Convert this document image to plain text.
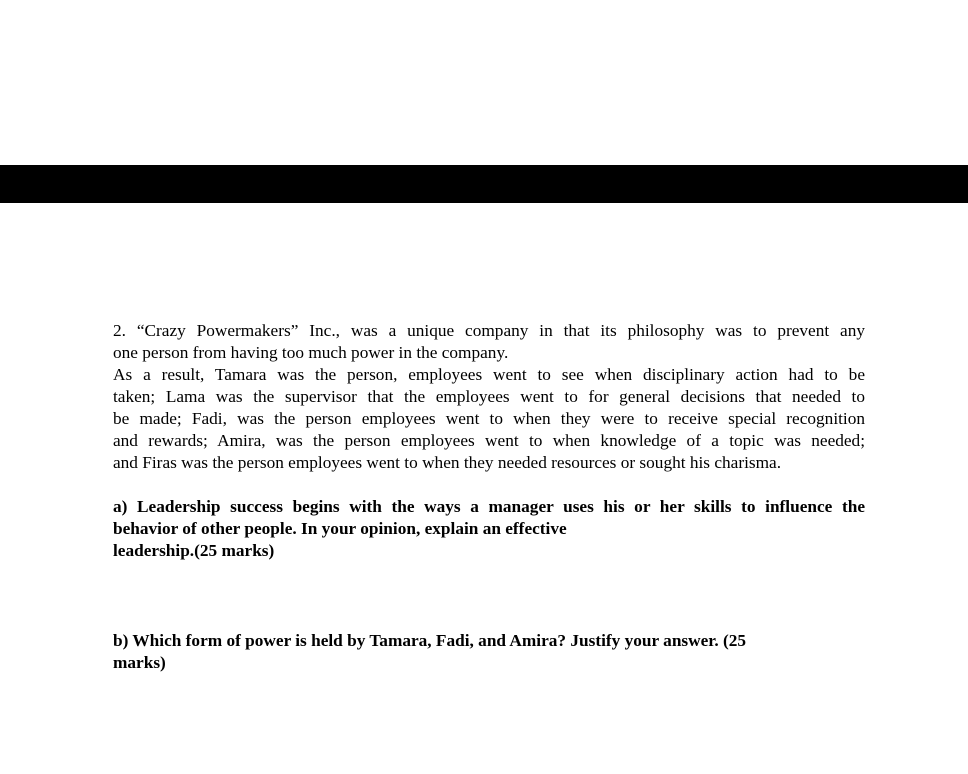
2. “Crazy Powermakers” Inc., was a unique company in that its philosophy was to prevent any
one person from having too much power in the company.
As a result, Tamara was the person, employees went to see when disciplinary action had to be
taken; Lama was the supervisor that the employees went to for general decisions that needed to
be made; Fadi, was the person employees went to when they were to receive special recognition
and rewards; Amira, was the person employees went to when knowledge of a topic was needed;
and Firas was the person employees went to when they needed resources or sought his charisma.
a) Leadership success begins with the ways a manager uses his or her skills to influence the
behavior of other people. In your opinion, explain an effective
leadership.(25 marks)
b) Which form of power is held by Tamara, Fadi, and Amira? Justify your answer. (25
marks)
